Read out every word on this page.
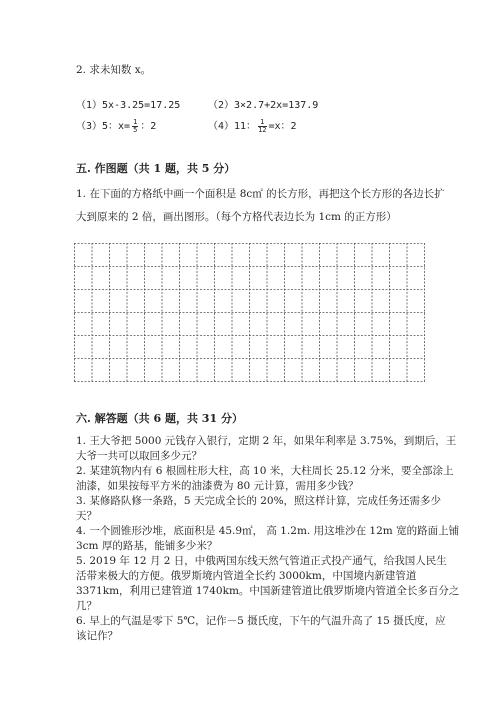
2. 求未知数 x。
（1）5x-3.25=17.25	（2）3×2.7+2x=137.9
（3）5：$x= \frac{1}{5}$ ：2	（4）11： $\frac{1}{12} =x$：2
五. 作图题（共 1 题，共 5 分）
1. 在下面的方格纸中画一个面积是 8c㎡ 的长方形，再把这个长方形的各边长扩
大到原来的 2 倍，画出图形。（每个方格代表边长为 1cm 的正方形）
六. 解答题（共 6 题，共 31 分）
1. 王大爷把 5000 元钱存入银行，定期 2 年，如果年利率是 3.75%，到期后，王
大爷一共可以取回多少元？
2. 某建筑物内有 6 根圆柱形大柱，高 10 米，大柱周长 25.12 分米，要全部涂上
油漆，如果按每平方米的油漆费为 80 元计算，需用多少钱？
3. 某修路队修一条路，5 天完成全长的 20%，照这样计算，完成任务还需多少
天？
4. 一个圆锥形沙堆，底面积是 45.9㎡， 高 1.2m. 用这堆沙在 12m 宽的路面上铺
3cm 厚的路基，能铺多少米？
5. 2019 年 12 月 2 日，中俄两国东线天然气管道正式投产通气，给我国人民生
活带来极大的方便。俄罗斯境内管道全长约 3000km，中国境内新建管道
3371km，利用已建管道 1740km。中国新建管道比俄罗斯境内管道全长多百分之
几？
6. 早上的气温是零下 5℃，记作－5 摄氏度，下午的气温升高了 15 摄氏度，应
该记作？
